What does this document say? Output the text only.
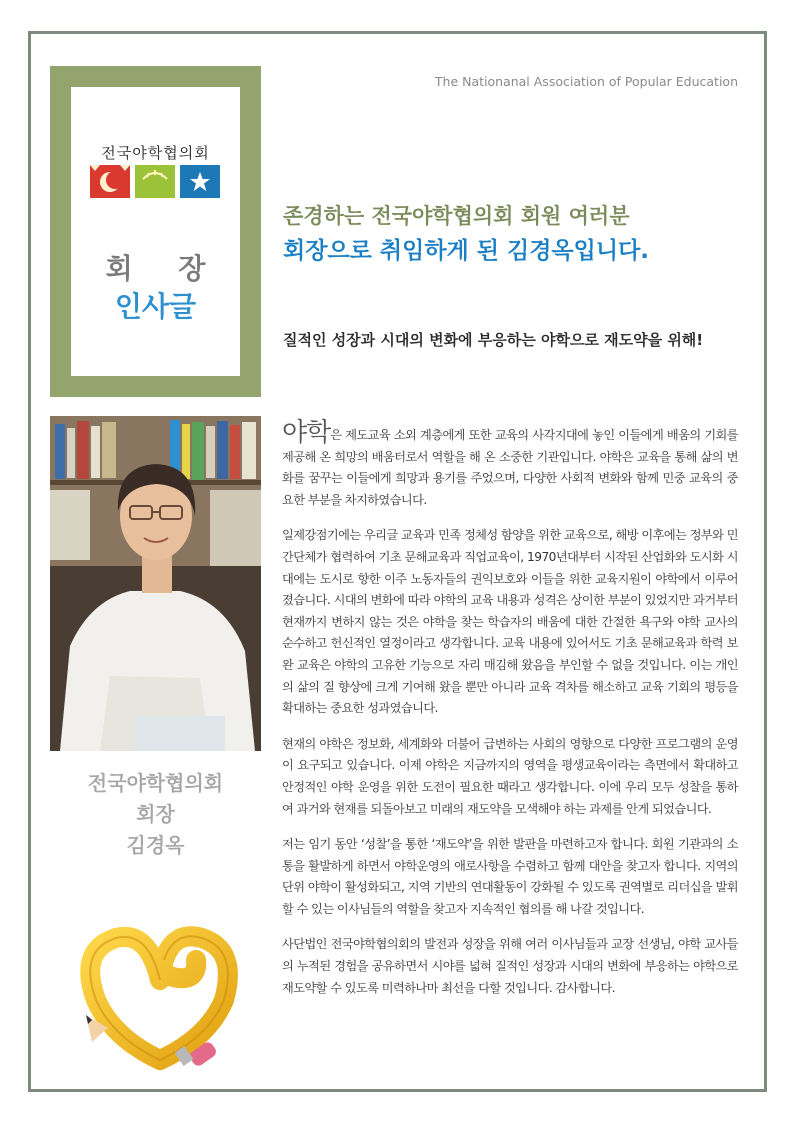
The Nationanal Association of Popular Education
전국야학협의회
회 장
인사글
존경하는 전국야학협의회 회원 여러분
회장으로 취임하게 된 김경옥입니다.
질적인 성장과 시대의 변화에 부응하는 야학으로 재도약을 위해!
전국야학협의회
회장
김경옥

야학은 제도교육 소외 계층에게 또한 교육의 사각지대에 놓인 이들에게 배움의 기회를 제공해 온 희망의 배움터로서 역할을 해 온 소중한 기관입니다. 야학은 교육을 통해 삶의 변화를 꿈꾸는 이들에게 희망과 용기를 주었으며, 다양한 사회적 변화와 함께 민중 교육의 중요한 부분을 차지하였습니다.

일제강점기에는 우리글 교육과 민족 정체성 함양을 위한 교육으로, 해방 이후에는 정부와 민간단체가 협력하여 기초 문해교육과 직업교육이, 1970년대부터 시작된 산업화와 도시화 시대에는 도시로 향한 이주 노동자들의 권익보호와 이들을 위한 교육지원이 야학에서 이루어졌습니다. 시대의 변화에 따라 야학의 교육 내용과 성격은 상이한 부분이 있었지만 과거부터 현재까지 변하지 않는 것은 야학을 찾는 학습자의 배움에 대한 간절한 욕구와 야학 교사의 순수하고 헌신적인 열정이라고 생각합니다. 교육 내용에 있어서도 기초 문해교육과 학력 보완 교육은 야학의 고유한 기능으로 자리 매김해 왔음을 부인할 수 없을 것입니다. 이는 개인의 삶의 질 향상에 크게 기여해 왔을 뿐만 아니라 교육 격차를 해소하고 교육 기회의 평등을 확대하는 중요한 성과였습니다.

현재의 야학은 정보화, 세계화와 더불어 급변하는 사회의 영향으로 다양한 프로그램의 운영이 요구되고 있습니다. 이제 야학은 지금까지의 영역을 평생교육이라는 측면에서 확대하고 안정적인 야학 운영을 위한 도전이 필요한 때라고 생각합니다. 이에 우리 모두 성찰을 통하여 과거와 현재를 되돌아보고 미래의 재도약을 모색해야 하는 과제를 안게 되었습니다.

저는 임기 동안 ‘성찰’을 통한 ‘재도약’을 위한 발판을 마련하고자 합니다. 회원 기관과의 소통을 활발하게 하면서 야학운영의 애로사항을 수렴하고 함께 대안을 찾고자 합니다. 지역의 단위 야학이 활성화되고, 지역 기반의 연대활동이 강화될 수 있도록 권역별로 리더십을 발휘할 수 있는 이사님들의 역할을 찾고자 지속적인 협의를 해 나갈 것입니다.

사단법인 전국야학협의회의 발전과 성장을 위해 여러 이사님들과 교장 선생님, 야학 교사들의 누적된 경험을 공유하면서 시야를 넓혀 질적인 성장과 시대의 변화에 부응하는 야학으로 재도약할 수 있도록 미력하나마 최선을 다할 것입니다. 감사합니다.
